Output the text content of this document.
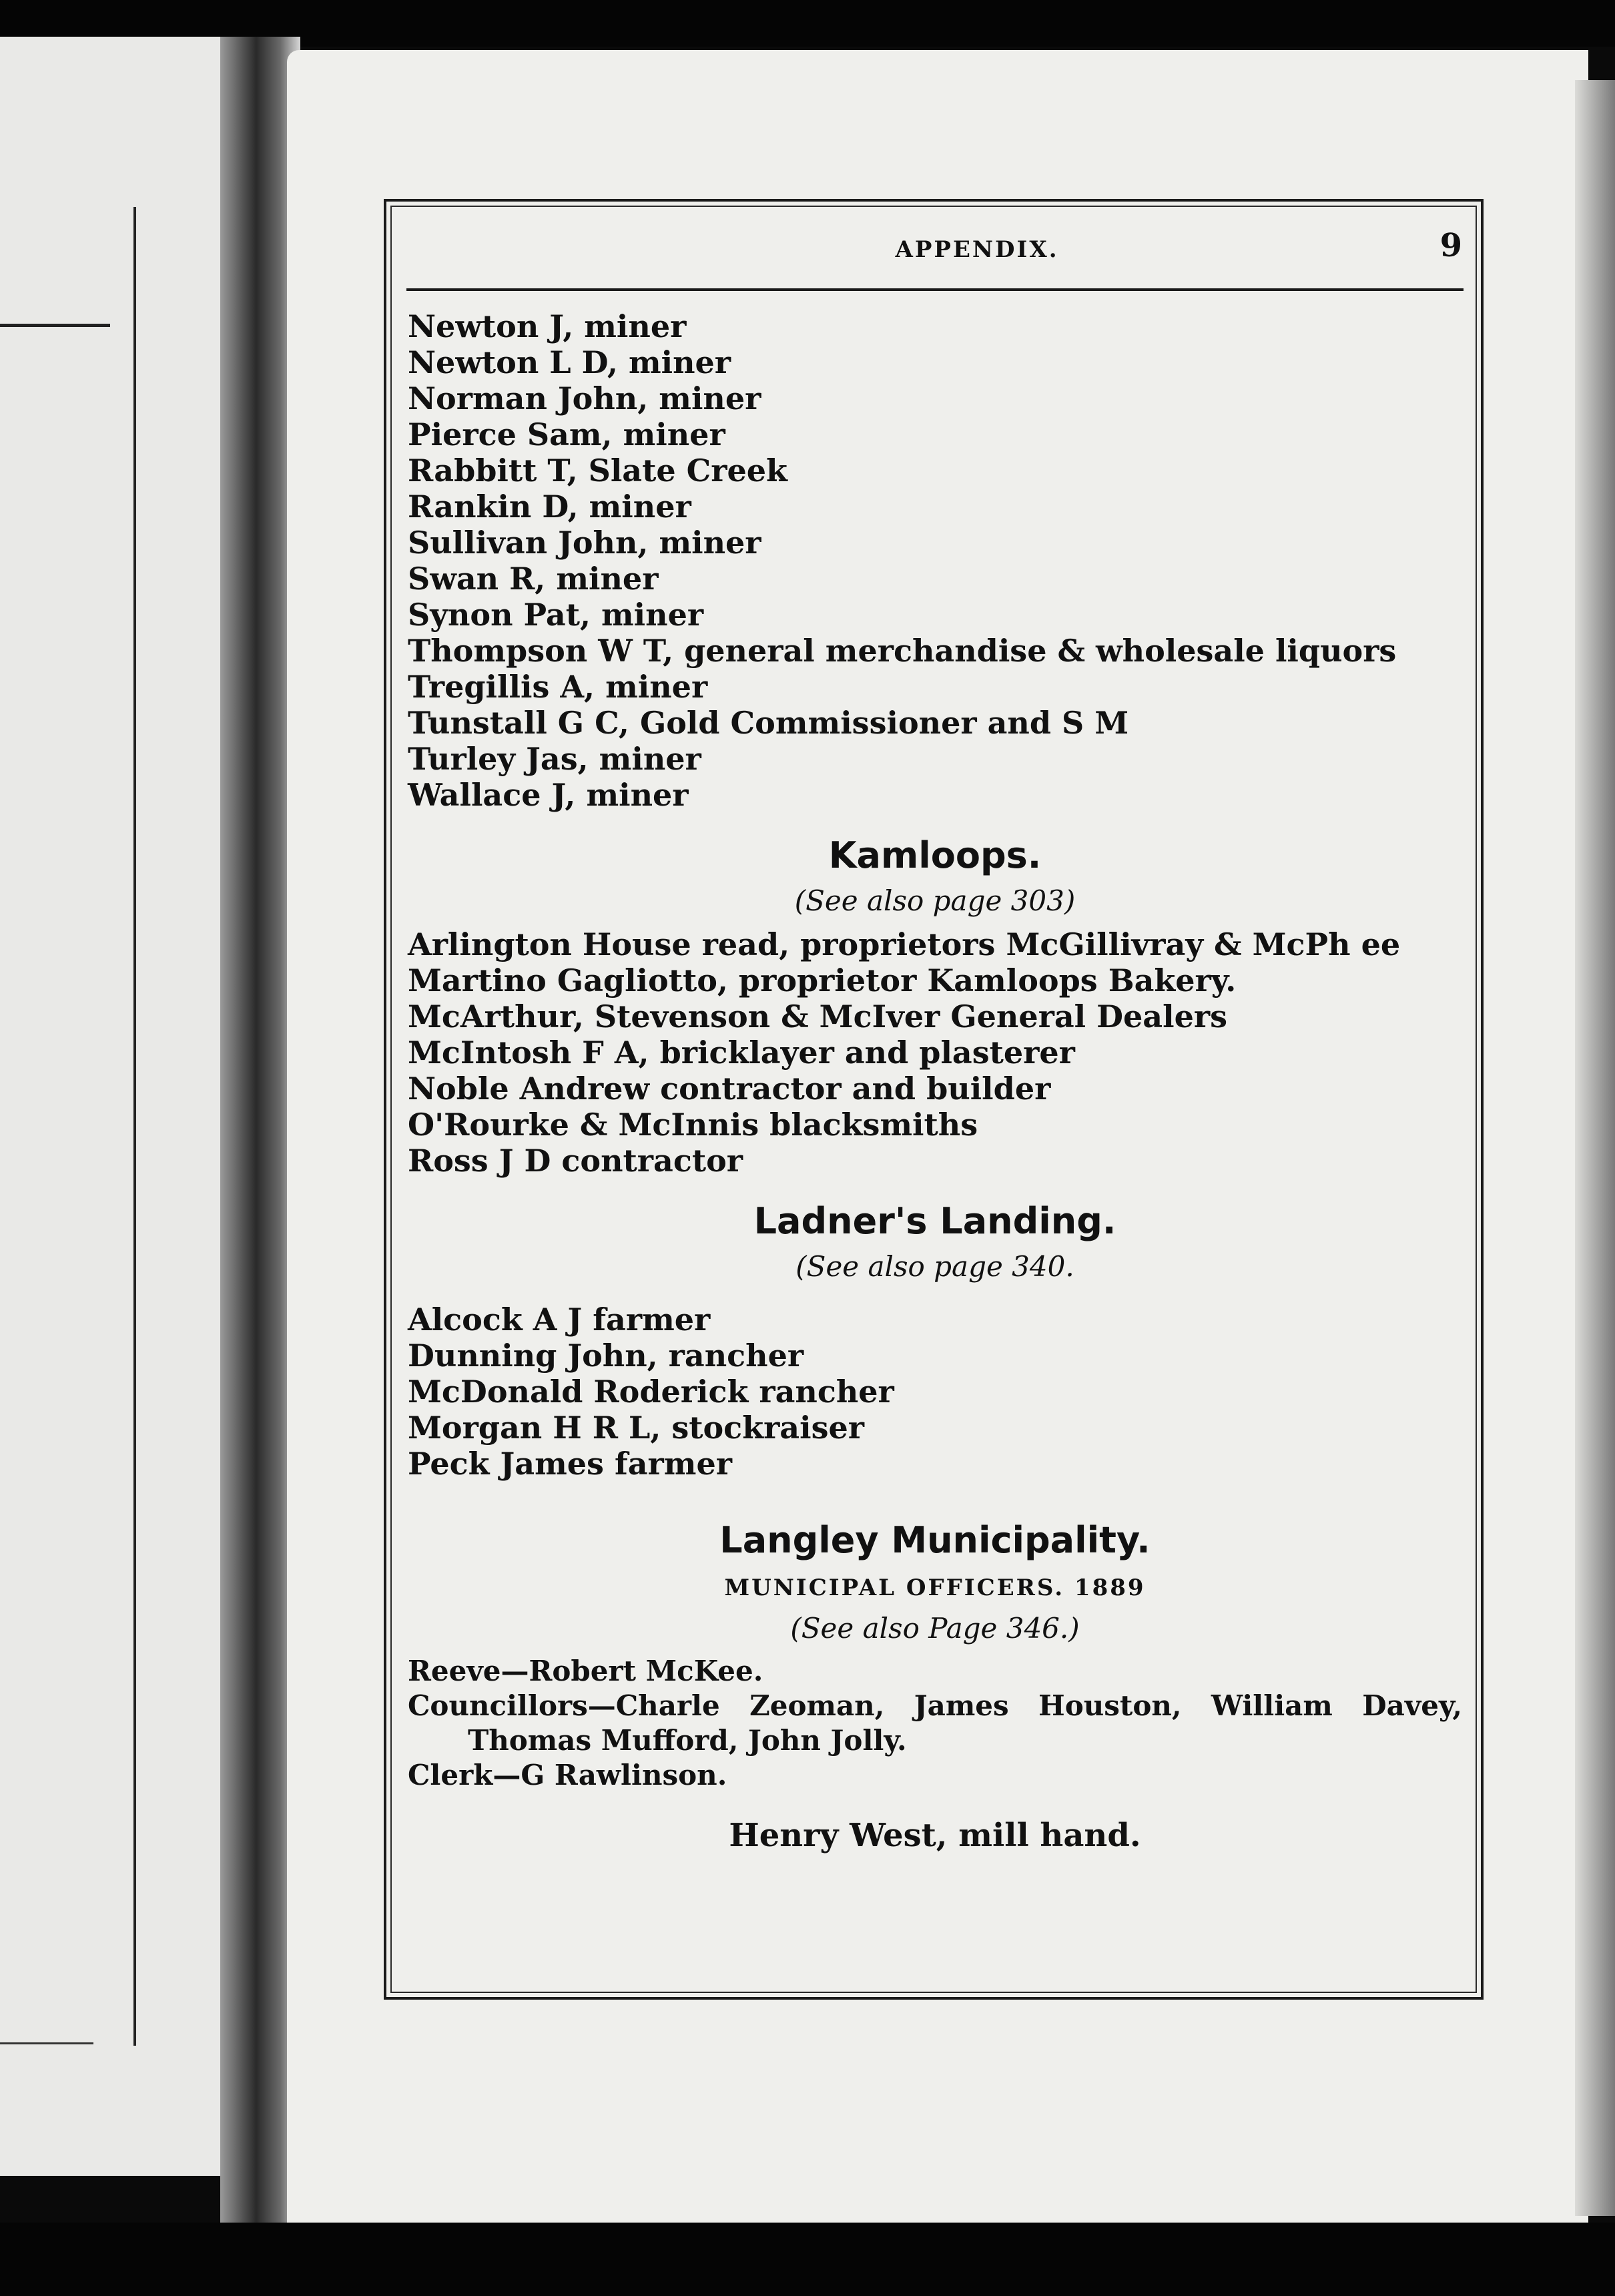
APPENDIX.	9
Newton J, miner
Newton L D, miner
Norman John, miner
Pierce Sam, miner
Rabbitt T, Slate Creek
Rankin D, miner
Sullivan John, miner
Swan R, miner
Synon Pat, miner
Thompson W T, general merchandise & wholesale liquors
Tregillis A, miner
Tunstall G C, Gold Commissioner and S M
Turley Jas, miner
Wallace J, miner
Kamloops.
(See also page 303)
Arlington House read, proprietors McGillivray & McPh ee
Martino Gagliotto, proprietor Kamloops Bakery.
McArthur, Stevenson & McIver General Dealers
McIntosh F A, bricklayer and plasterer
Noble Andrew contractor and builder
O'Rourke & McInnis blacksmiths
Ross J D contractor
Ladner's Landing.
(See also page 340.
Alcock A J farmer
Dunning John, rancher
McDonald Roderick rancher
Morgan H R L, stockraiser
Peck James farmer
Langley Municipality.
MUNICIPAL OFFICERS. 1889
(See also Page 346.)
Reeve—Robert McKee.
Councillors—Charle Zeoman, James Houston, William Davey, Thomas Mufford, John Jolly.
Clerk—G Rawlinson.
Henry West, mill hand.
